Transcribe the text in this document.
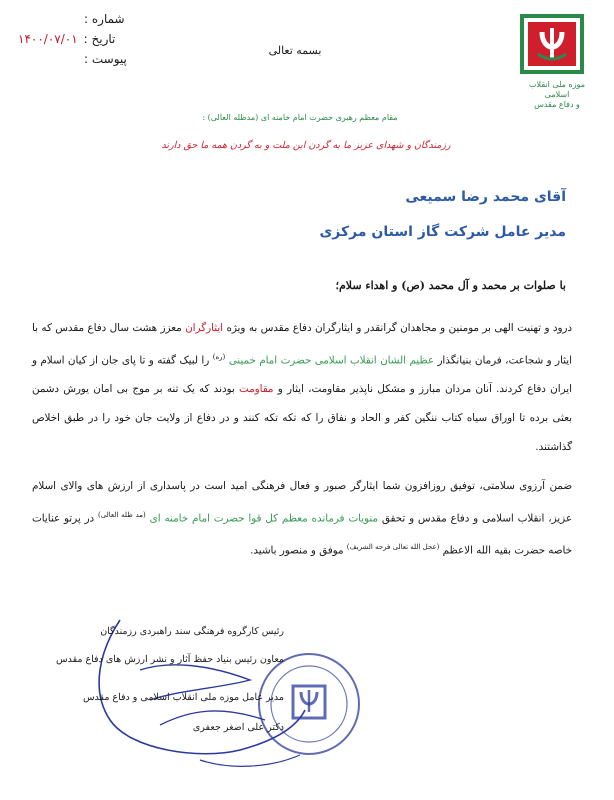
شماره :
تاریخ :
۱۴۰۰/۰۷/۰۱
پیوست :
موزه ملی انقلاب اسلامی
و دفاع مقدس
بسمه تعالی
مقام معظم رهبری حضرت امام خامنه ای (مدظله العالی) :
رزمندگان و شهدای عزیز ما به گردن این ملت و به گردن همه ما حق دارند
آقای محمد رضا سمیعی
مدیر عامل شرکت گاز استان مرکزی
با صلوات بر محمد و آل محمد (ص) و اهداء سلام؛
درود و تهنیت الهی بر مومنین و مجاهدان گرانقدر و ایثارگران دفاع مقدس به ویژه ایثارگران معزز هشت سال دفاع مقدس که با ایثار و شجاعت، فرمان بنیانگذار عظیم الشان انقلاب اسلامی حضرت امام خمینی $^{(ره)}$ را لبیک گفته و تا پای جان از کیان اسلام و ایران دفاع کردند. آنان مردان مبارز و مشکل ناپذیر مقاومت، ایثار و مقاومت بودند که یک تنه بر موج بی امان یورش دشمن بعثی برده تا اوراق سیاه کتاب ننگین کفر و الحاد و نفاق را که تکه تکه کنند و در دفاع از ولایت جان خود را در طبق اخلاص گذاشتند.
ضمن آرزوی سلامتی، توفیق روزافزون شما ایثارگر صبور و فعال فرهنگی امید است در پاسداری از ارزش های والای اسلام عزیز، انقلاب اسلامی و دفاع مقدس و تحقق منویات فرمانده معظم کل قوا حضرت امام خامنه ای $^{(مد ظله العالی)}$ در پرتو عنایات خاصه حضرت بقیه الله الاعظم $^{(عجل الله تعالی فرجه الشریف)}$ موفق و منصور باشید.
رئیس کارگروه فرهنگی سند راهبردی رزمندگان
معاون رئیس بنیاد حفظ آثار و نشر ارزش های دفاع مقدس
مدیر عامل موزه ملی انقلاب اسلامی و دفاع مقدس
دکتر علی اصغر جعفری
